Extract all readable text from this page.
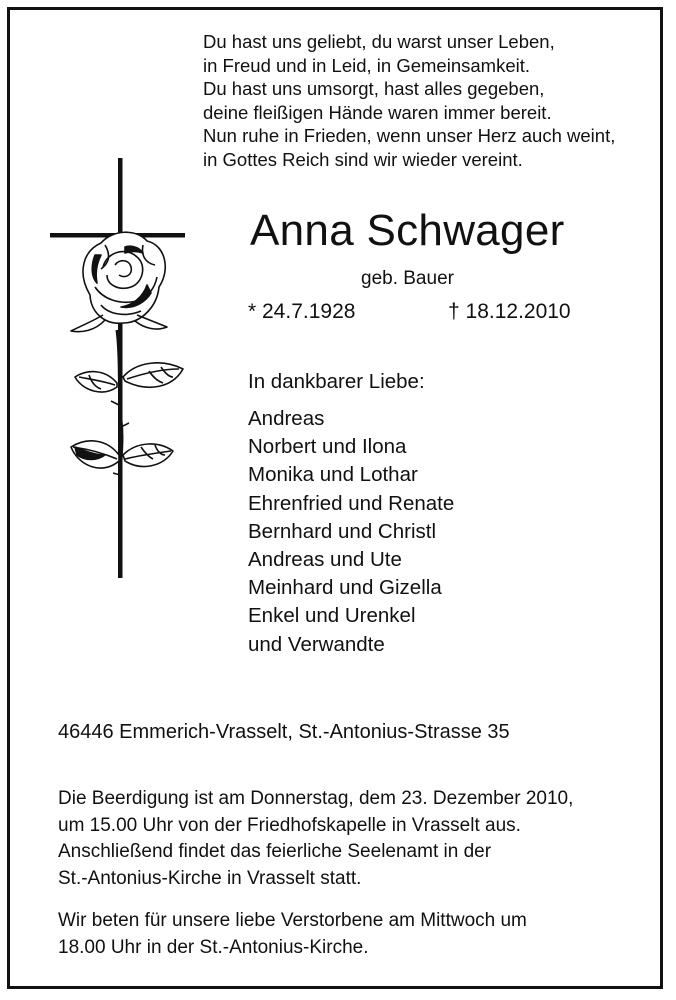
Du hast uns geliebt, du warst unser Leben,
in Freud und in Leid, in Gemeinsamkeit.
Du hast uns umsorgt, hast alles gegeben,
deine fleißigen Hände waren immer bereit.
Nun ruhe in Frieden, wenn unser Herz auch weint,
in Gottes Reich sind wir wieder vereint.
Anna Schwager
geb. Bauer
* 24.7.1928	† 18.12.2010
In dankbarer Liebe:
Andreas
Norbert und Ilona
Monika und Lothar
Ehrenfried und Renate
Bernhard und Christl
Andreas und Ute
Meinhard und Gizella
Enkel und Urenkel
und Verwandte
46446 Emmerich-Vrasselt, St.-Antonius-Strasse 35
Die Beerdigung ist am Donnerstag, dem 23. Dezember 2010,
um 15.00 Uhr von der Friedhofskapelle in Vrasselt aus.
Anschließend findet das feierliche Seelenamt in der
St.-Antonius-Kirche in Vrasselt statt.
Wir beten für unsere liebe Verstorbene am Mittwoch um
18.00 Uhr in der St.-Antonius-Kirche.
